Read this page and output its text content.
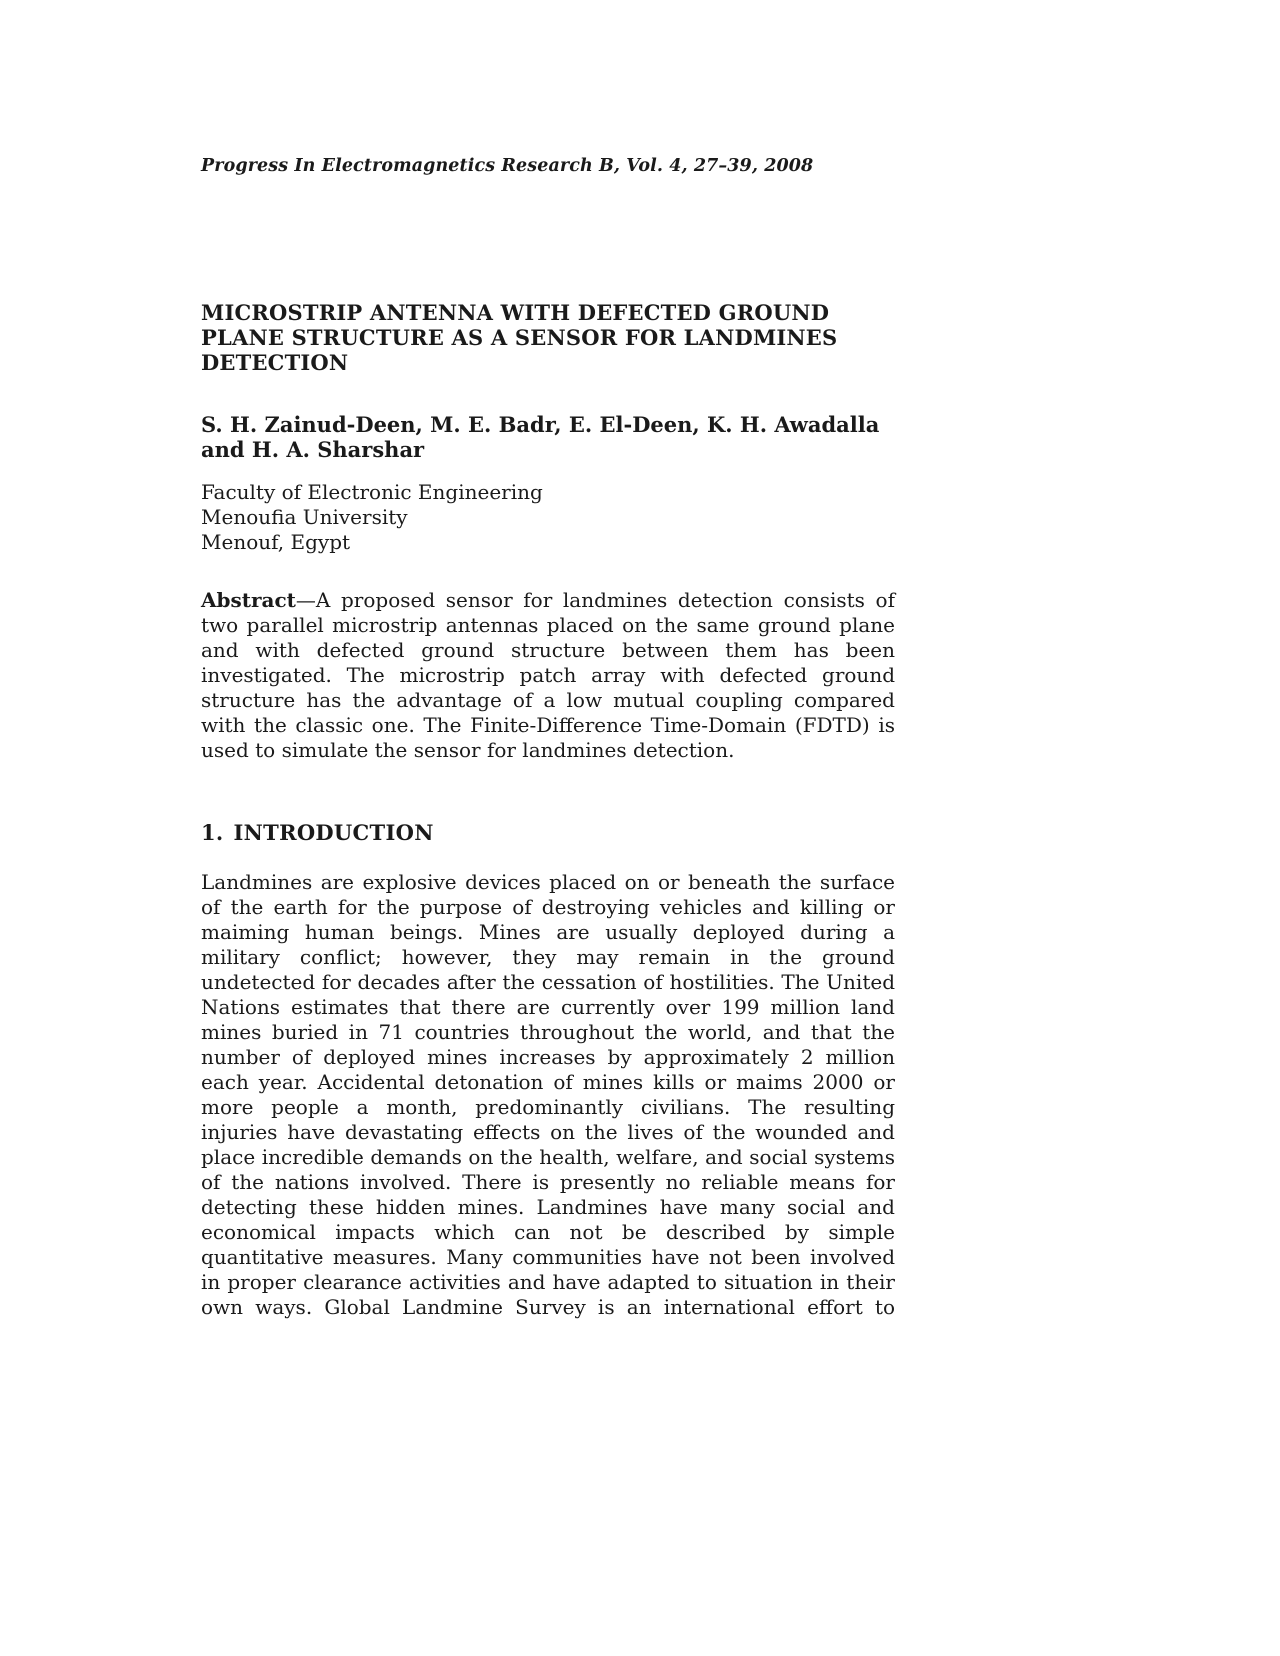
Progress In Electromagnetics Research B, Vol. 4, 27–39, 2008
MICROSTRIP ANTENNA WITH DEFECTED GROUND
PLANE STRUCTURE AS A SENSOR FOR LANDMINES
DETECTION
S. H. Zainud-Deen, M. E. Badr, E. El-Deen, K. H. Awadalla
and H. A. Sharshar
Faculty of Electronic Engineering
Menoufia University
Menouf, Egypt

Abstract—A proposed sensor for landmines detection consists of two parallel microstrip antennas placed on the same ground plane and with defected ground structure between them has been investigated. The microstrip patch array with defected ground structure has the advantage of a low mutual coupling compared with the classic one. The Finite-Difference Time-Domain (FDTD) is used to simulate the sensor for landmines detection.

1. INTRODUCTION

Landmines are explosive devices placed on or beneath the surface of the earth for the purpose of destroying vehicles and killing or maiming human beings. Mines are usually deployed during a military conflict; however, they may remain in the ground undetected for decades after the cessation of hostilities. The United Nations estimates that there are currently over 199 million land mines buried in 71 countries throughout the world, and that the number of deployed mines increases by approximately 2 million each year. Accidental detonation of mines kills or maims 2000 or more people a month, predominantly civilians. The resulting injuries have devastating effects on the lives of the wounded and place incredible demands on the health, welfare, and social systems of the nations involved. There is presently no reliable means for detecting these hidden mines. Landmines have many social and economical impacts which can not be described by simple quantitative measures. Many communities have not been involved in proper clearance activities and have adapted to situation in their own ways. Global Landmine Survey is an international effort to
